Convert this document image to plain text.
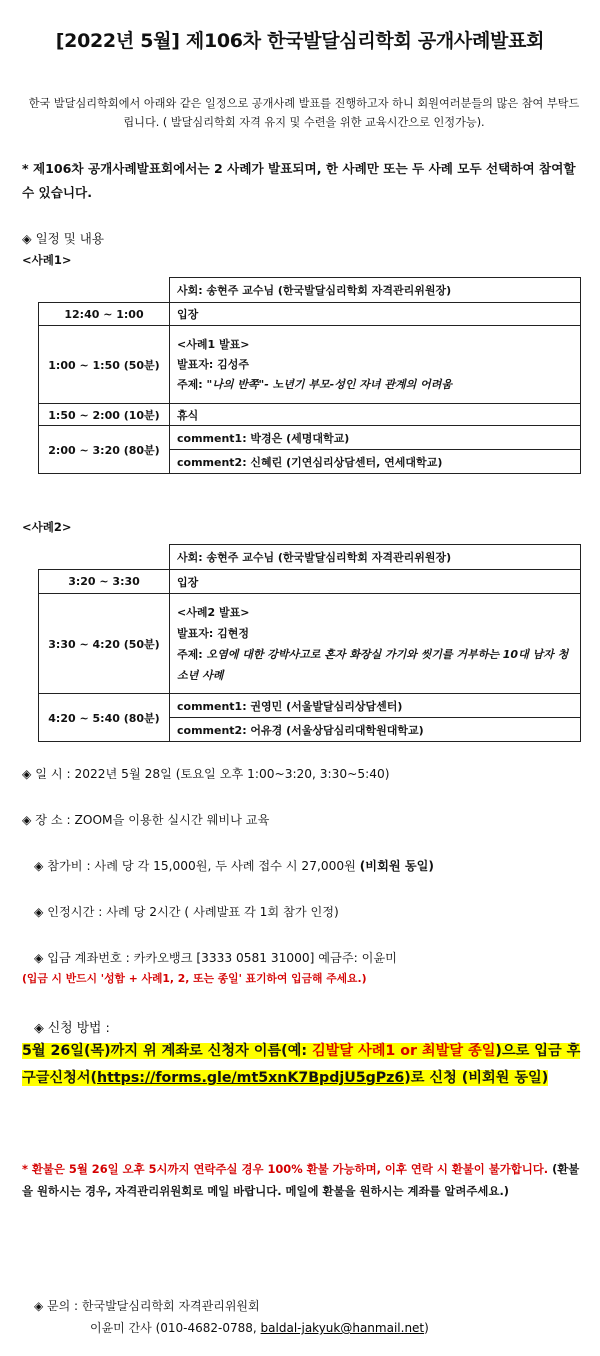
[2022년 5월] 제106차 한국발달심리학회 공개사례발표회
한국 발달심리학회에서 아래와 같은 일정으로 공개사례 발표를 진행하고자 하니 회원여러분들의 많은 참여 부탁드립니다. ( 발달심리학회 자격 유지 및 수련을 위한 교육시간으로 인정가능).
* 제106차 공개사례발표회에서는 2 사례가 발표되며, 한 사례만 또는 두 사례 모두 선택하여 참여할 수 있습니다.
◈ 일정 및 내용
<사례1>
	사회: 송현주 교수님 (한국발달심리학회 자격관리위원장)
12:40 ~ 1:00	입장
1:00 ~ 1:50 (50분)	<사례1 발표>
발표자: 김성주
주제: "나의 반쪽"- 노년기 부모-성인 자녀 관계의 어려움

1:50 ~ 2:00 (10분)	휴식
2:00 ~ 3:20 (80분)	comment1: 박경은 (세명대학교)
	comment2: 신혜린 (기연심리상담센터, 연세대학교)
<사례2>
	사회: 송현주 교수님 (한국발달심리학회 자격관리위원장)
3:20 ~ 3:30	입장
3:30 ~ 4:20 (50분)	<사례2 발표>
발표자: 김현정
주제: 오염에 대한 강박사고로 혼자 화장실 가기와 씻기를 거부하는 10대 남자 청소년 사례

4:20 ~ 5:40 (80분)	comment1: 권영민 (서울발달심리상담센터)
	comment2: 어유경 (서울상담심리대학원대학교)
◈ 일 시 : 2022년 5월 28일 (토요일 오후 1:00~3:20, 3:30~5:40)
◈ 장 소 : ZOOM을 이용한 실시간 웨비나 교육
◈ 참가비 : 사례 당 각 15,000원, 두 사례 접수 시 27,000원 (비회원 동일)
◈ 인정시간 : 사례 당 2시간 ( 사례발표 각 1회 참가 인정)
◈ 입금 계좌번호 : 카카오뱅크 [3333 0581 31000] 예금주: 이윤미
(입금 시 반드시 '성함 + 사례1, 2, 또는 종일' 표기하여 입금해 주세요.)
◈ 신청 방법 :
5월 26일(목)까지 위 계좌로 신청자 이름(예: 김발달 사례1 or 최발달 종일)으로 입금 후 구글신청서(https://forms.gle/mt5xnK7BpdjU5gPz6)로 신청 (비회원 동일)
* 환불은 5월 26일 오후 5시까지 연락주실 경우 100% 환불 가능하며, 이후 연락 시 환불이 불가합니다. (환불을 원하시는 경우, 자격관리위원회로 메일 바랍니다. 메일에 환불을 원하시는 계좌를 알려주세요.)
◈ 문의 : 한국발달심리학회 자격관리위원회
이윤미 간사 (010-4682-0788, baldal-jakyuk@hanmail.net)
